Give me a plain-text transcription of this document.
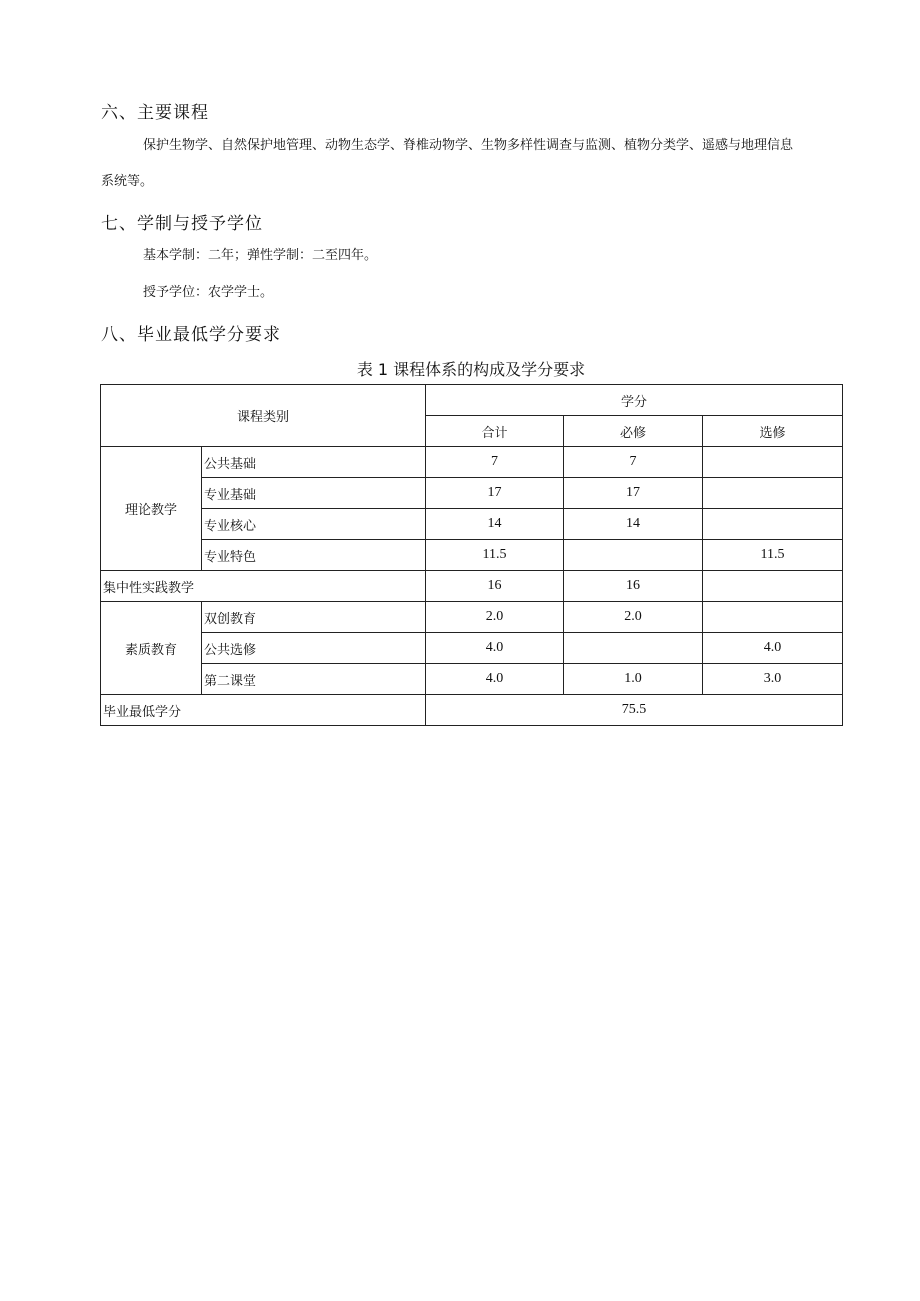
六、主要课程

保护生物学、自然保护地管理、动物生态学、脊椎动物学、生物多样性调查与监测、植物分类学、遥感与地理信息

系统等。

七、学制与授予学位

基本学制：二年；弹性学制：二至四年。

授予学位：农学学士。

八、毕业最低学分要求

表 1 课程体系的构成及学分要求

课程类别		学分		
		合计	必修	选修
理论教学	公共基础	7	7	
	专业基础	17	17	
	专业核心	14	14	
	专业特色	11.5		11.5
集中性实践教学		16	16	
素质教育	双创教育	2.0	2.0	
	公共选修	4.0		4.0
	第二课堂	4.0	1.0	3.0
毕业最低学分		75.5		
